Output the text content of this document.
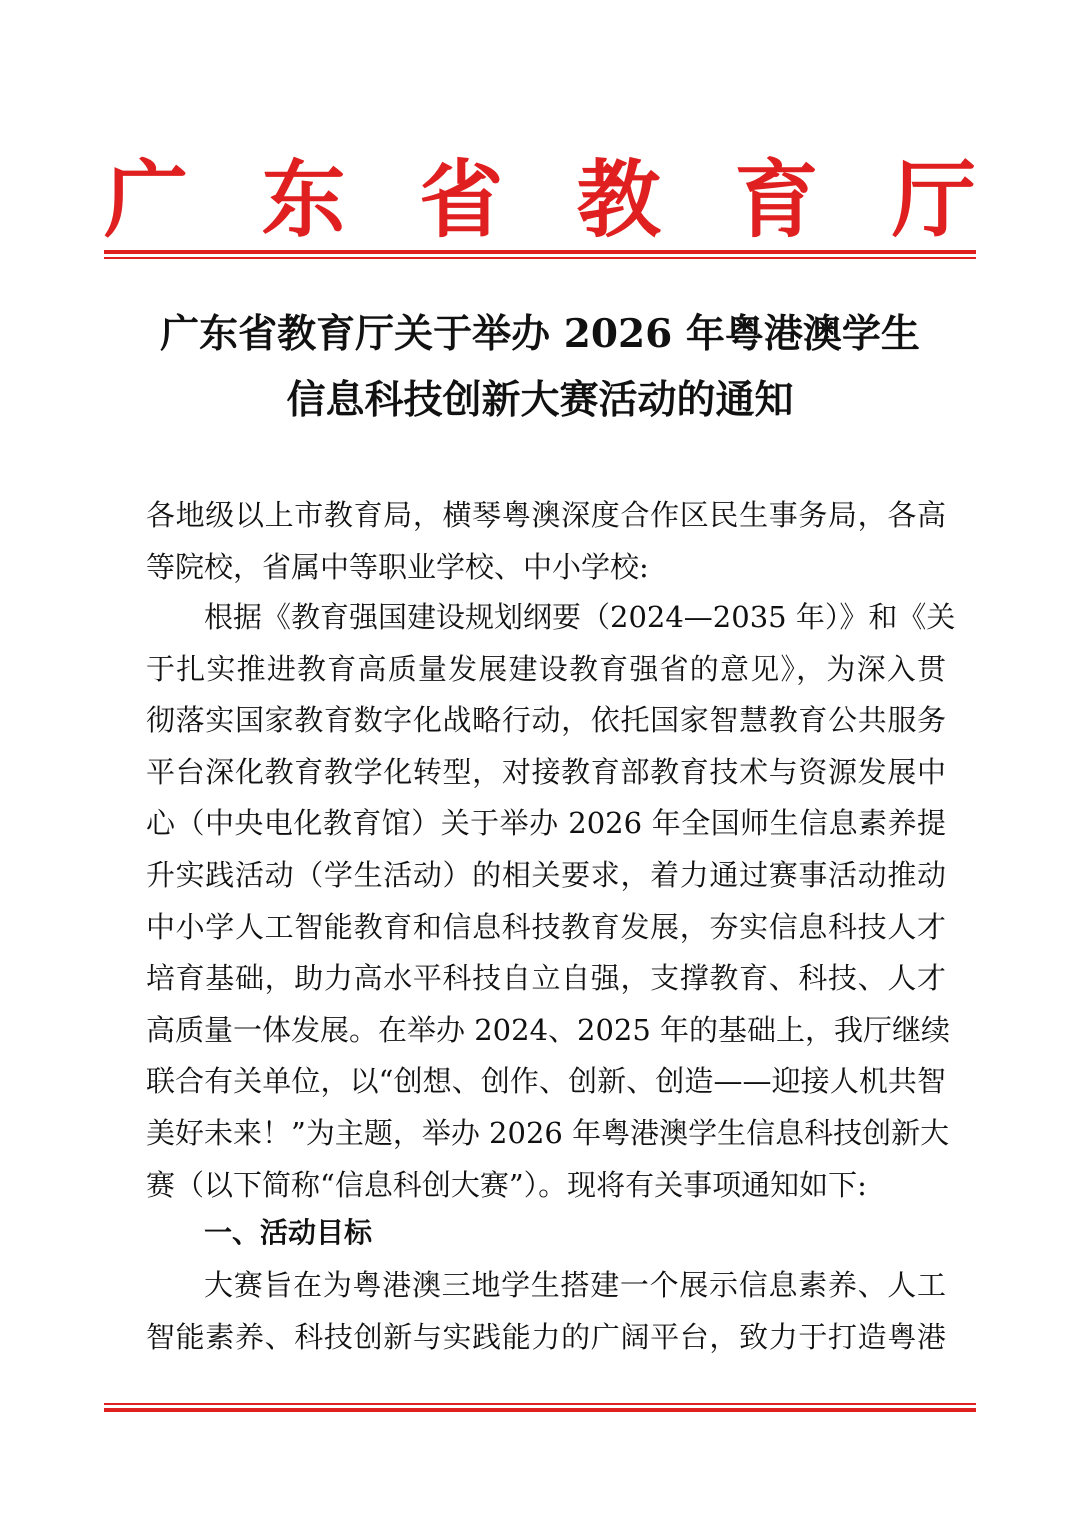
广 东 省 教 育 厅
广东省教育厅关于举办 2026 年粤港澳学生
信息科技创新大赛活动的通知
各地级以上市教育局，横琴粤澳深度合作区民生事务局，各高
等院校，省属中等职业学校、中小学校:
根据《教育强国建设规划纲要（2024—2035 年）》和《关
于扎实推进教育高质量发展建设教育强省的意见》，为深入贯
彻落实国家教育数字化战略行动，依托国家智慧教育公共服务
平台深化教育教学化转型，对接教育部教育技术与资源发展中
心（中央电化教育馆）关于举办 2026 年全国师生信息素养提
升实践活动（学生活动）的相关要求，着力通过赛事活动推动
中小学人工智能教育和信息科技教育发展，夯实信息科技人才
培育基础，助力高水平科技自立自强，支撑教育、科技、人才
高质量一体发展。在举办 2024、2025 年的基础上，我厅继续
联合有关单位，以“创想、创作、创新、创造——迎接人机共智
美好未来！”为主题，举办 2026 年粤港澳学生信息科技创新大
赛（以下简称“信息科创大赛”）。现将有关事项通知如下:
一、活动目标
大赛旨在为粤港澳三地学生搭建一个展示信息素养、人工
智能素养、科技创新与实践能力的广阔平台，致力于打造粤港
